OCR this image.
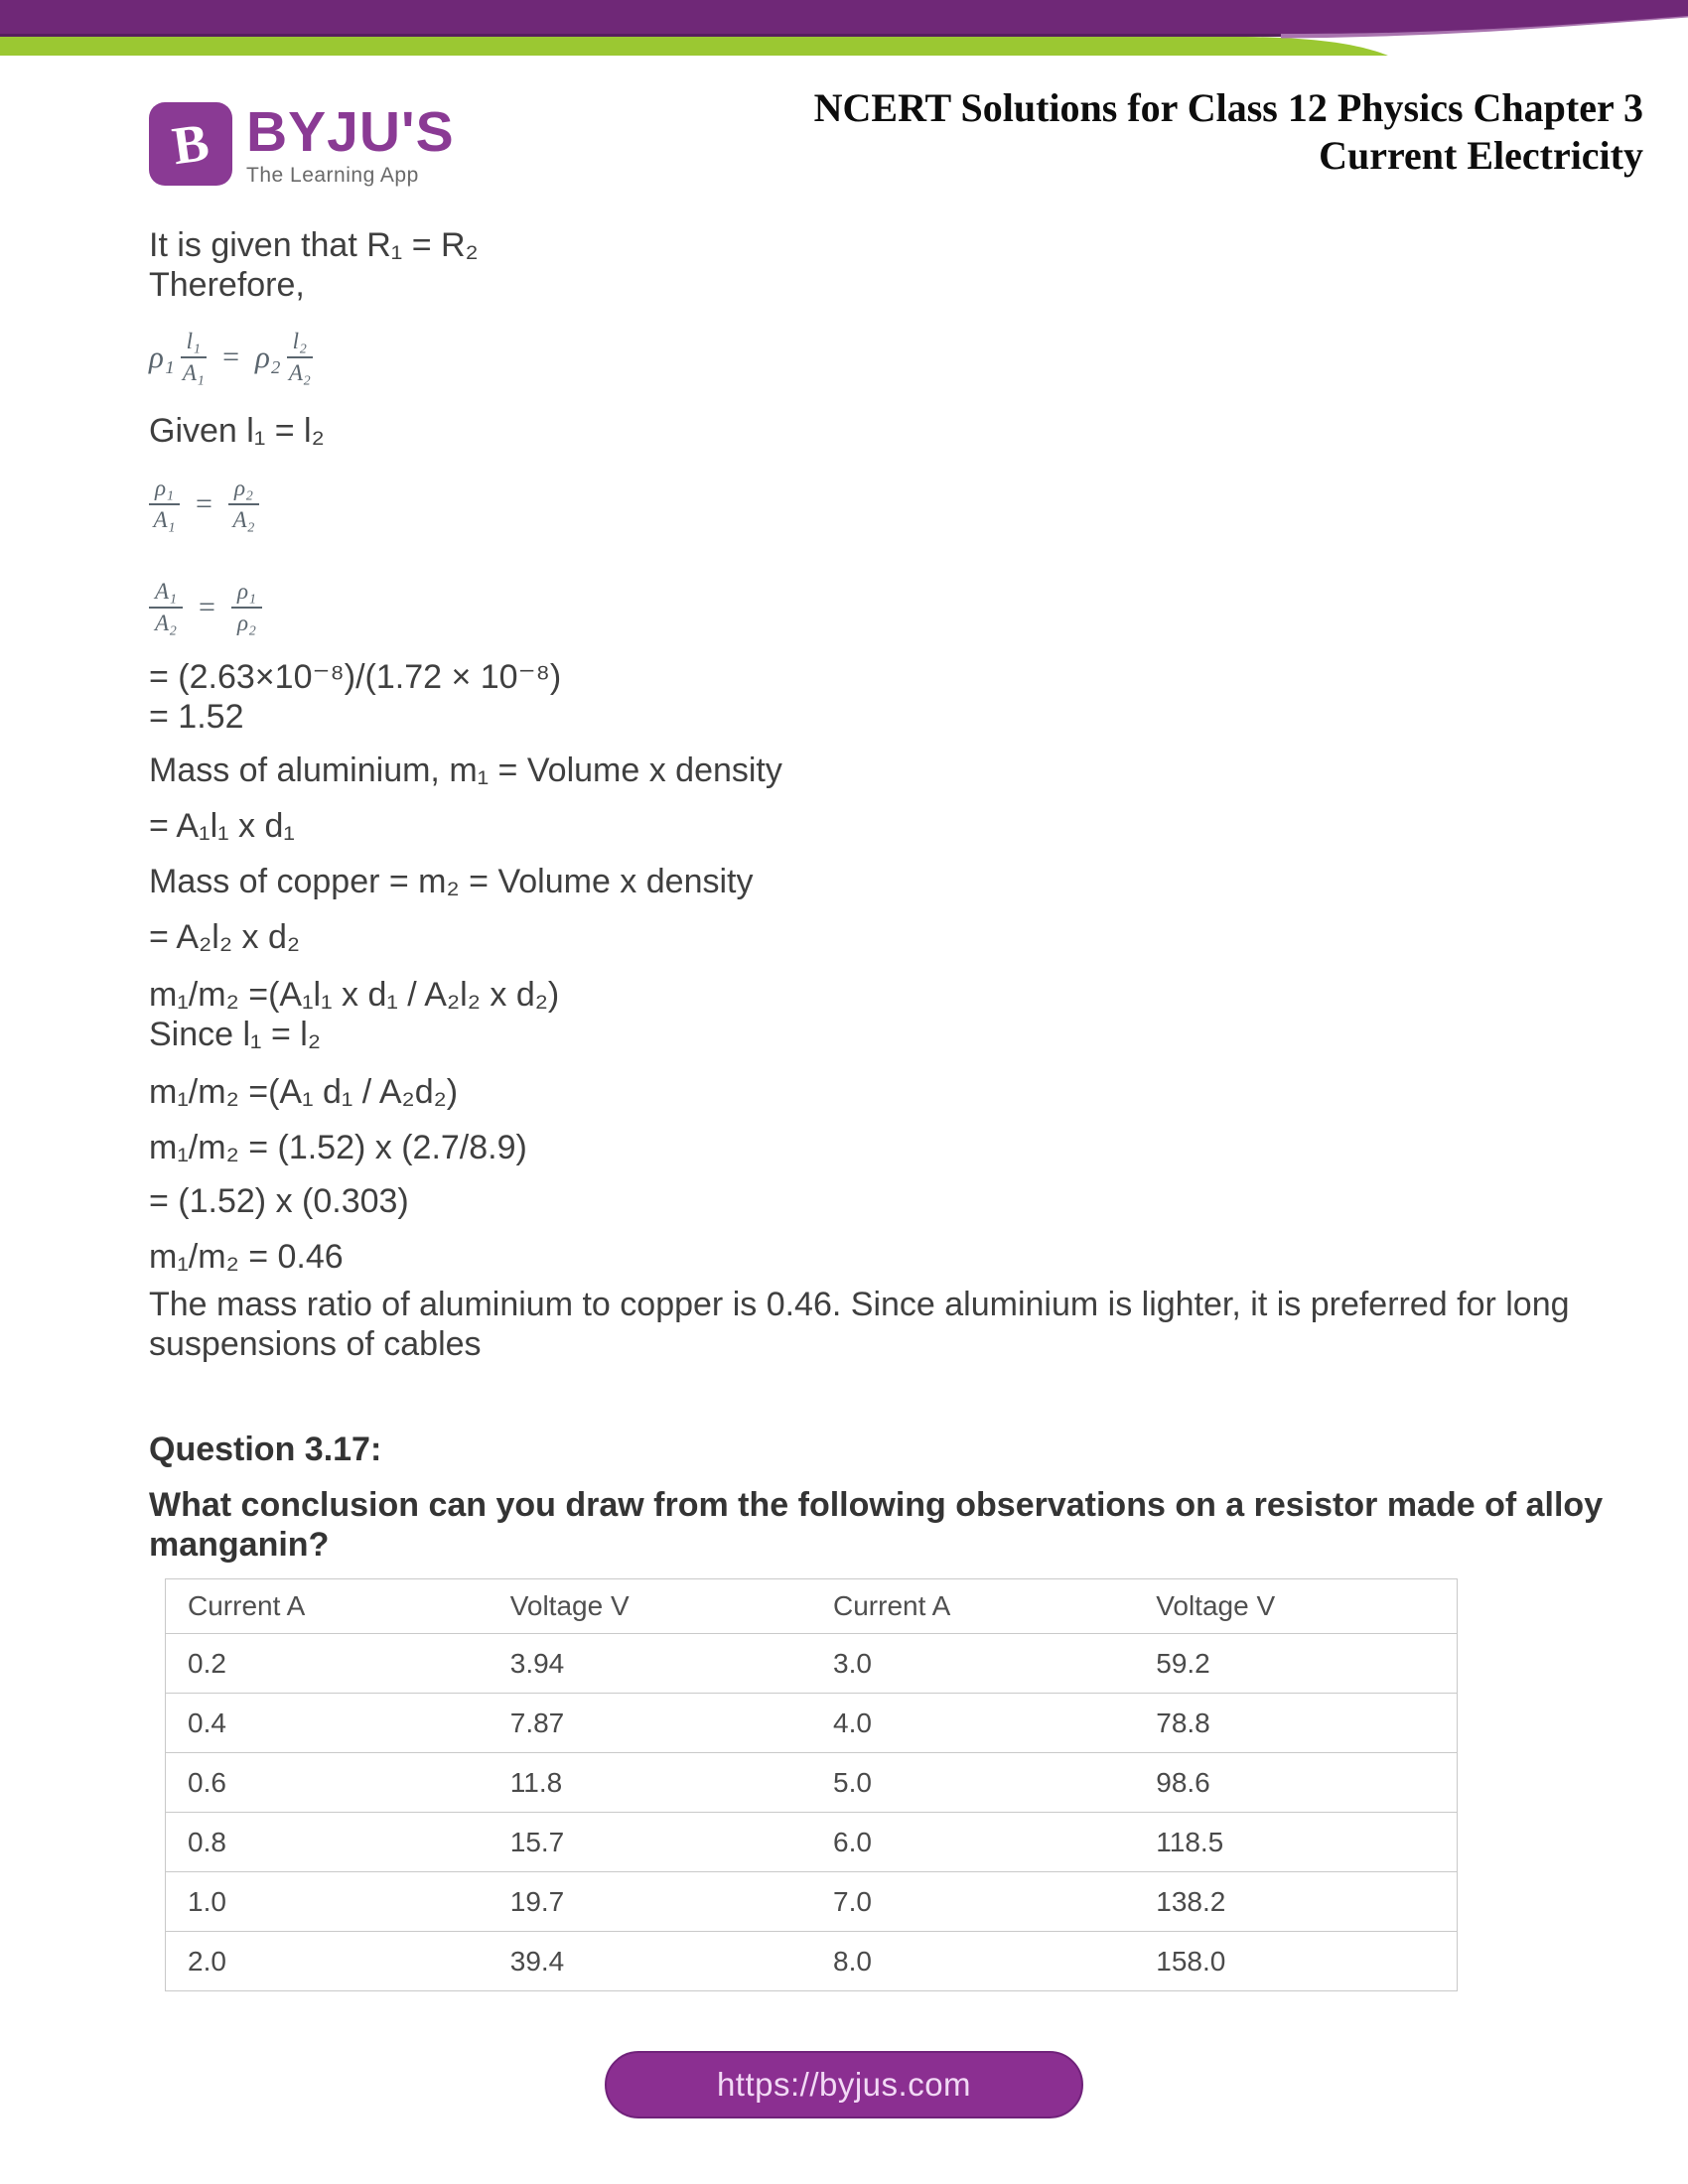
B BYJU'S
The Learning App
NCERT Solutions for Class 12 Physics Chapter 3
Current Electricity
It is given that R₁ = R₂
Therefore,
$\rho_1 \frac{\text{l₁}}{\text{A₁}} = \rho_2 \frac{\text{l₂}}{\text{A₂}}$
Given l₁ = l₂
$\frac{\text{ρ₁}}{\text{A₁}} = \frac{\text{ρ₂}}{\text{A₂}}$
$\frac{\text{A₁}}{\text{A₂}} = \frac{\text{ρ₁}}{\text{ρ₂}}$
= (2.63×10⁻⁸)/(1.72 × 10⁻⁸)
= 1.52
Mass of aluminium, m₁ = Volume x density
= A₁l₁ x d₁
Mass of copper = m₂ = Volume x density
= A₂l₂ x d₂
m₁/m₂ =(A₁l₁ x d₁ / A₂l₂ x d₂)
Since l₁ = l₂
m₁/m₂ =(A₁ d₁ / A₂d₂)
m₁/m₂ = (1.52) x (2.7/8.9)
= (1.52) x (0.303)
m₁/m₂ = 0.46
The mass ratio of aluminium to copper is 0.46. Since aluminium is lighter, it is preferred for long
suspensions of cables
Question 3.17:
What conclusion can you draw from the following observations on a resistor made of alloy
manganin?
Current A	Voltage V	Current A	Voltage V
0.2	3.94	3.0	59.2
0.4	7.87	4.0	78.8
0.6	11.8	5.0	98.6
0.8	15.7	6.0	118.5
1.0	19.7	7.0	138.2
2.0	39.4	8.0	158.0
https://byjus.com
